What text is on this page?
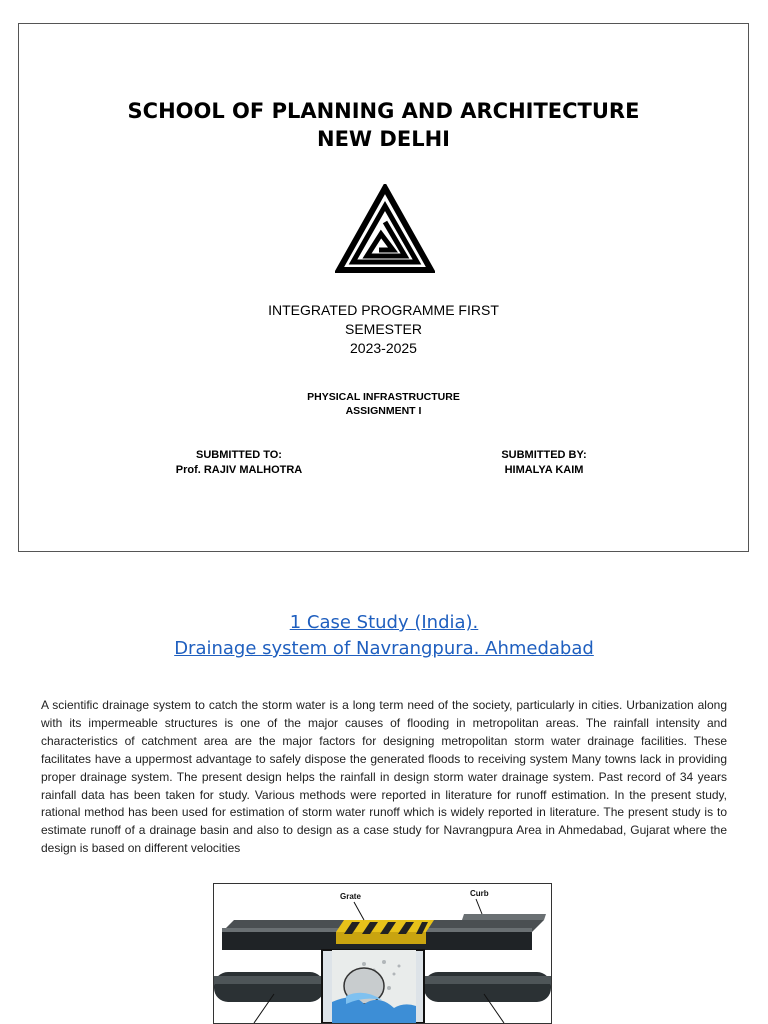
SCHOOL OF PLANNING AND ARCHITECTURE
NEW DELHI
INTEGRATED PROGRAMME FIRST
SEMESTER
2023-2025
PHYSICAL INFRASTRUCTURE
ASSIGNMENT I
SUBMITTED TO:
Prof. RAJIV MALHOTRA
SUBMITTED BY:
HIMALYA KAIM
1 Case Study (India).
Drainage system of Navrangpura. Ahmedabad
A scientific drainage system to catch the storm water is a long term need of the society, particularly in cities. Urbanization along with its impermeable structures is one of the major causes of flooding in metropolitan areas. The rainfall intensity and characteristics of catchment area are the major factors for designing metropolitan storm water drainage facilities. These facilitates have a uppermost advantage to safely dispose the generated floods to receiving system Many towns lack in providing proper drainage system. The present design helps the rainfall in design storm water drainage system. Past record of 34 years rainfall data has been taken for study. Various methods were reported in literature for runoff estimation. In the present study, rational method has been used for estimation of storm water runoff which is widely reported in literature. The present study is to estimate runoff of a drainage basin and also to design as a case study for Navrangpura Area in Ahmedabad, Gujarat where the design is based on different velocities
Grate	Curb
